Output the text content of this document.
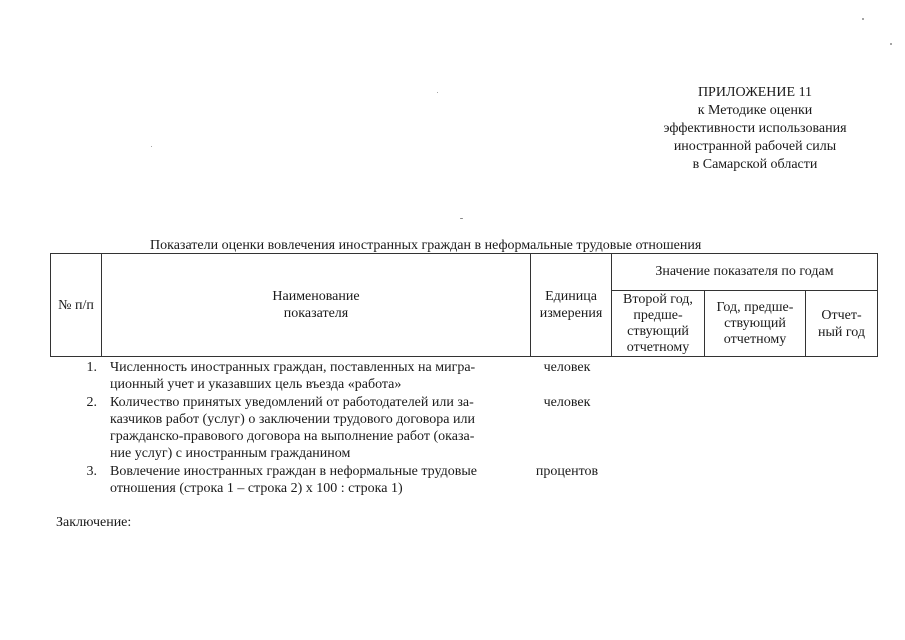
ПРИЛОЖЕНИЕ 11
к Методике оценки
эффективности использования
иностранной рабочей силы
в Самарской области
Показатели оценки вовлечения иностранных граждан в неформальные трудовые отношения
№ п/п
Наименование
показателя
Единица
измерения
Значение показателя по годам
Второй год,
предше-
ствующий
отчетному
Год, предше-
ствующий
отчетному
Отчет-
ный год
1. Численность иностранных граждан, поставленных на мигра-
ционный учет и указавших цель въезда «работа»
человек
2. Количество принятых уведомлений от работодателей или за-
казчиков работ (услуг) о заключении трудового договора или
гражданско-правового договора на выполнение работ (оказа-
ние услуг) с иностранным гражданином
человек
3. Вовлечение иностранных граждан в неформальные трудовые
отношения (строка 1 – строка 2) х 100 : строка 1)
процентов
Заключение:
